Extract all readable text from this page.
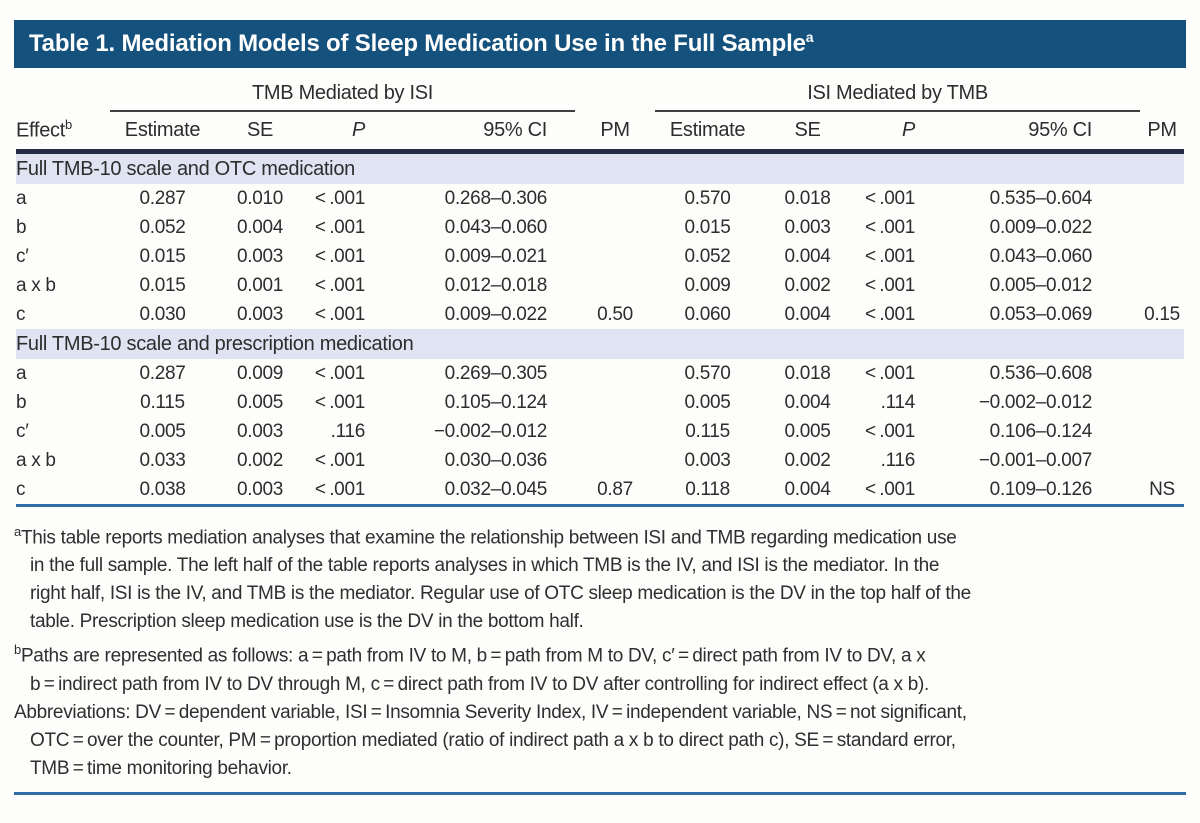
Table 1. Mediation Models of Sleep Medication Use in the Full Sample$^a$
	TMB Mediated by ISI					ISI Mediated by TMB				
Effect$^b$	Estimate	SE	P	95% CI	PM	Estimate	SE	P	95% CI	PM
Full TMB-10 scale and OTC medication										
a	0.287	0.010	< .001	0.268–0.306		0.570	0.018	< .001	0.535–0.604	
b	0.052	0.004	< .001	0.043–0.060		0.015	0.003	< .001	0.009–0.022	
c′	0.015	0.003	< .001	0.009–0.021		0.052	0.004	< .001	0.043–0.060	
a x b	0.015	0.001	< .001	0.012–0.018		0.009	0.002	< .001	0.005–0.012	
c	0.030	0.003	< .001	0.009–0.022	0.50	0.060	0.004	< .001	0.053–0.069	0.15
Full TMB-10 scale and prescription medication										
a	0.287	0.009	< .001	0.269–0.305		0.570	0.018	< .001	0.536–0.608	
b	0.115	0.005	< .001	0.105–0.124		0.005	0.004	.114	−0.002–0.012	
c′	0.005	0.003	.116	−0.002–0.012		0.115	0.005	< .001	0.106–0.124	
a x b	0.033	0.002	< .001	0.030–0.036		0.003	0.002	.116	−0.001–0.007	
c	0.038	0.003	< .001	0.032–0.045	0.87	0.118	0.004	< .001	0.109–0.126	NS
$^a$This table reports mediation analyses that examine the relationship between ISI and TMB regarding medication use
in the full sample. The left half of the table reports analyses in which TMB is the IV, and ISI is the mediator. In the
right half, ISI is the IV, and TMB is the mediator. Regular use of OTC sleep medication is the DV in the top half of the
table. Prescription sleep medication use is the DV in the bottom half.
$^b$Paths are represented as follows: a = path from IV to M, b = path from M to DV, c′ = direct path from IV to DV, a x
b = indirect path from IV to DV through M, c = direct path from IV to DV after controlling for indirect effect (a x b).
Abbreviations: DV = dependent variable, ISI = Insomnia Severity Index, IV = independent variable, NS = not significant,
OTC = over the counter, PM = proportion mediated (ratio of indirect path a x b to direct path c), SE = standard error,
TMB = time monitoring behavior.
